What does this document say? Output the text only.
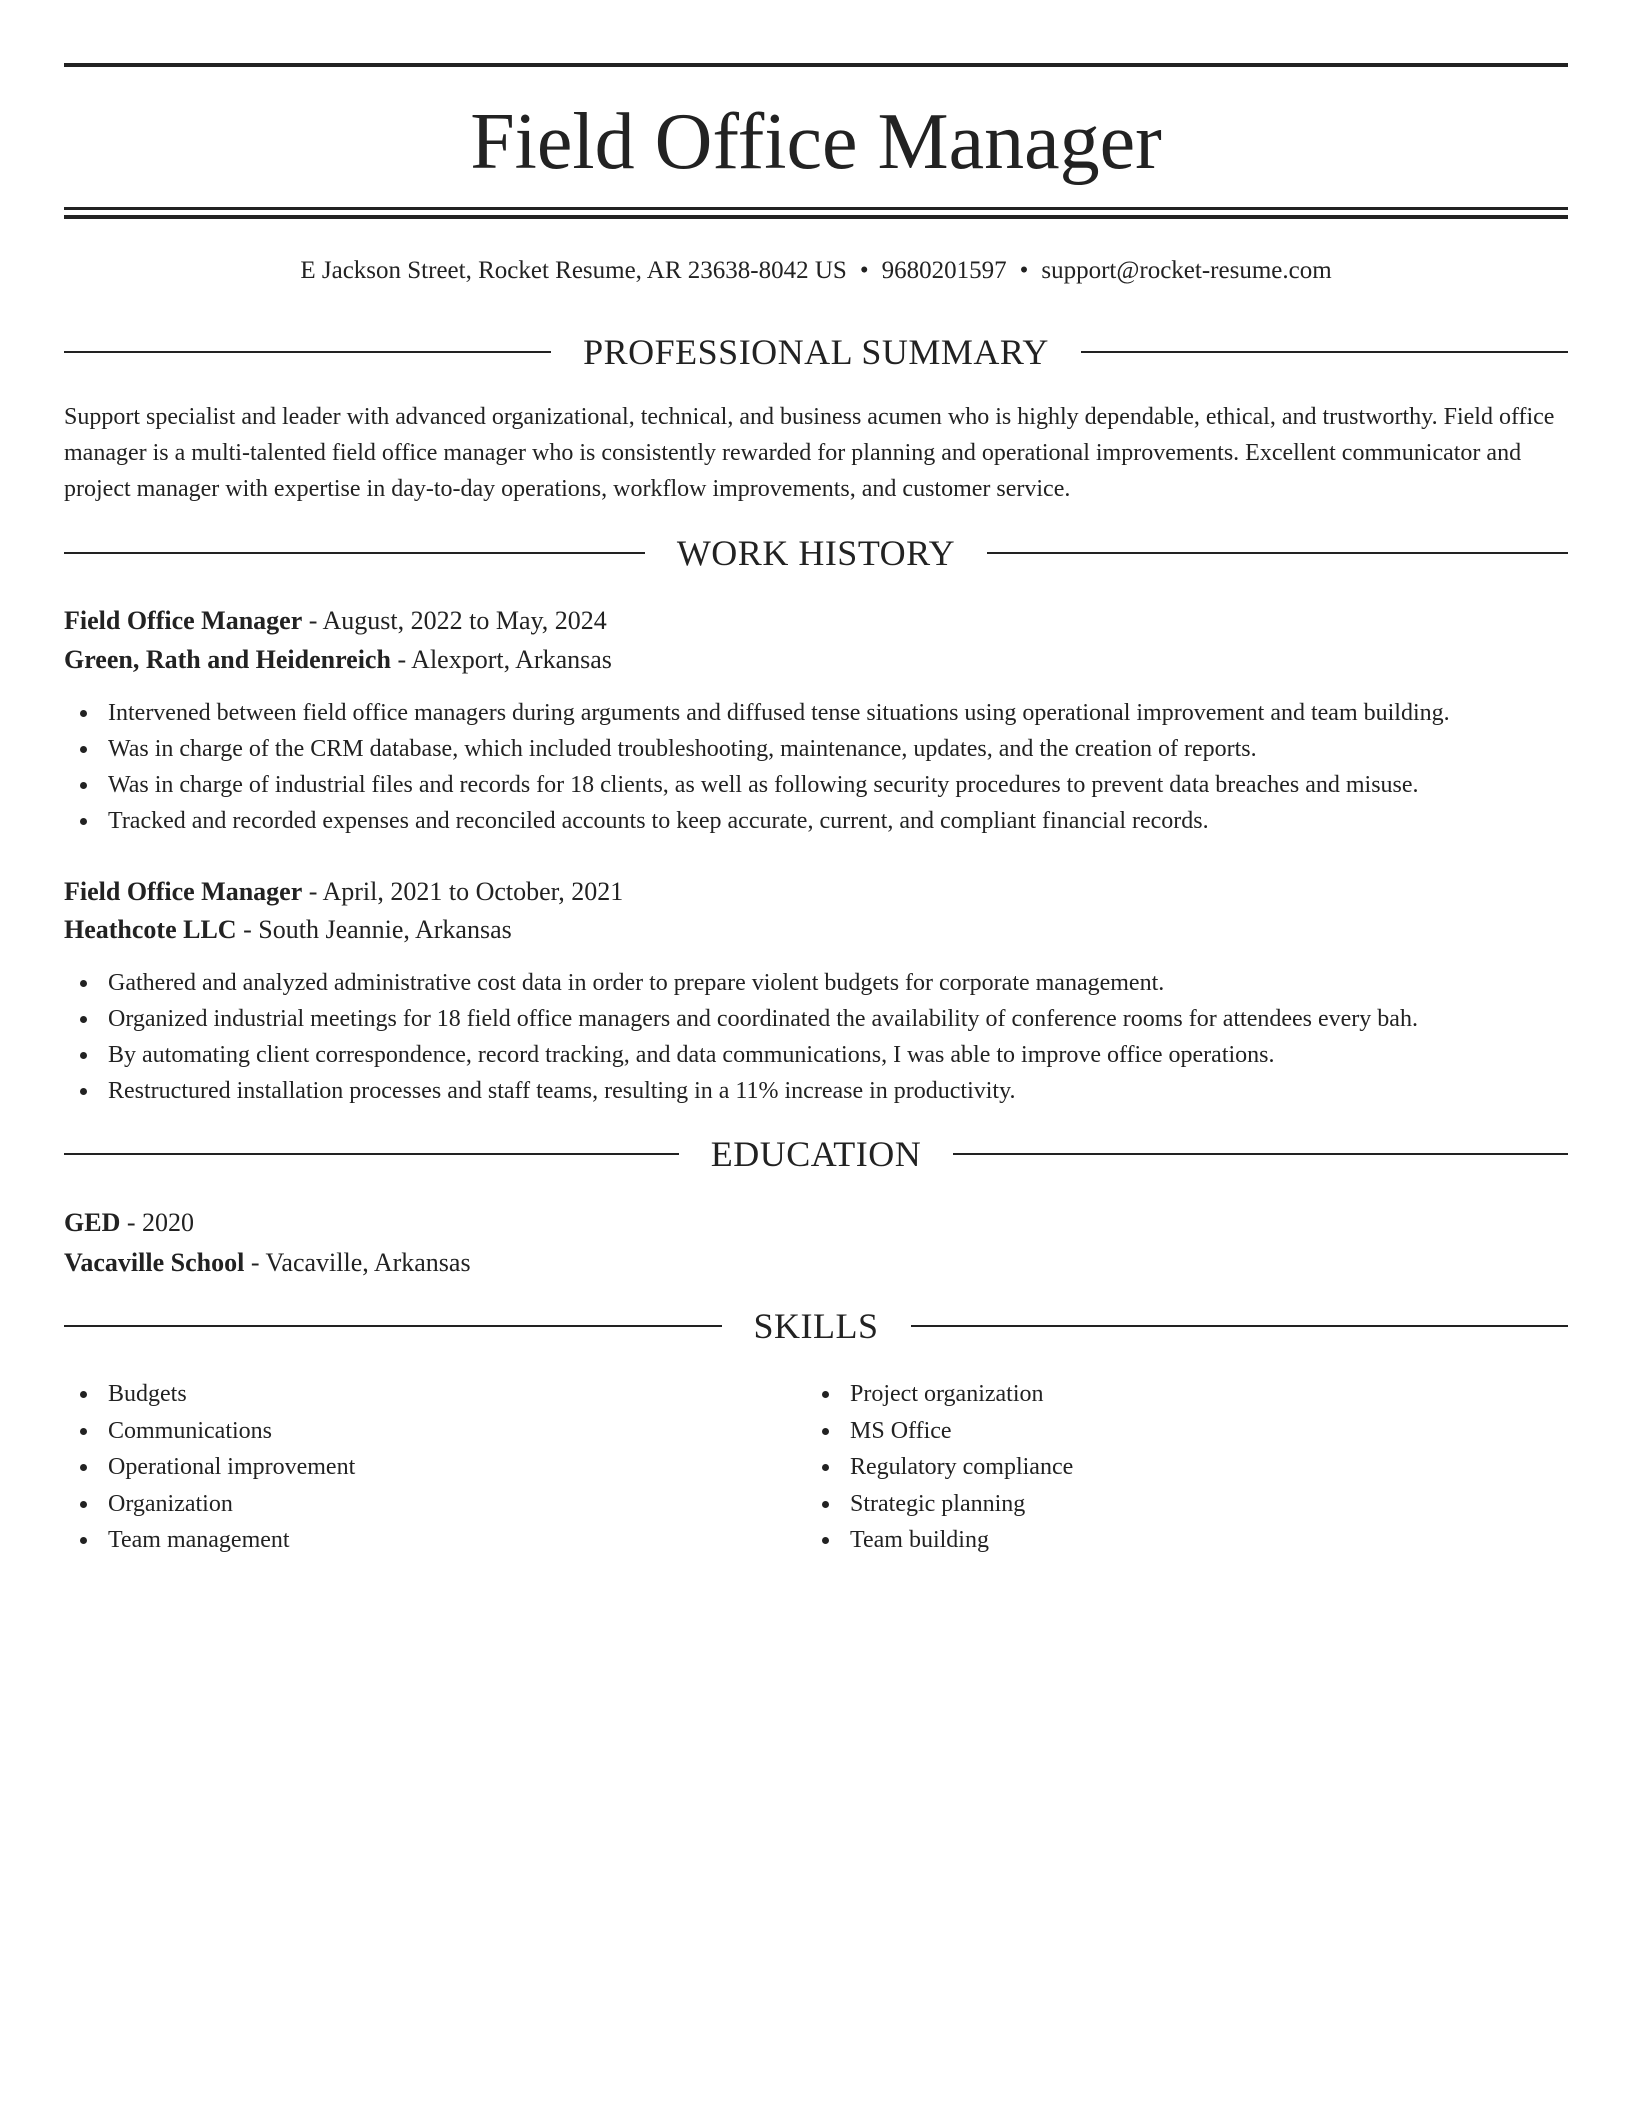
Field Office Manager
E Jackson Street, Rocket Resume, AR 23638-8042 US • 9680201597 • support@rocket-resume.com
PROFESSIONAL SUMMARY

Support specialist and leader with advanced organizational, technical, and business acumen who is highly dependable, ethical, and trustworthy. Field office manager is a multi-talented field office manager who is consistently rewarded for planning and operational improvements. Excellent communicator and project manager with expertise in day-to-day operations, workflow improvements, and customer service.

WORK HISTORY
Field Office Manager - August, 2022 to May, 2024
Green, Rath and Heidenreich - Alexport, Arkansas
Intervened between field office managers during arguments and diffused tense situations using operational improvement and team building.
Was in charge of the CRM database, which included troubleshooting, maintenance, updates, and the creation of reports.
Was in charge of industrial files and records for 18 clients, as well as following security procedures to prevent data breaches and misuse.
Tracked and recorded expenses and reconciled accounts to keep accurate, current, and compliant financial records.
Field Office Manager - April, 2021 to October, 2021
Heathcote LLC - South Jeannie, Arkansas
Gathered and analyzed administrative cost data in order to prepare violent budgets for corporate management.
Organized industrial meetings for 18 field office managers and coordinated the availability of conference rooms for attendees every bah.
By automating client correspondence, record tracking, and data communications, I was able to improve office operations.
Restructured installation processes and staff teams, resulting in a 11% increase in productivity.
EDUCATION
GED - 2020
Vacaville School - Vacaville, Arkansas
SKILLS
Budgets
Communications
Operational improvement
Organization
Team management
Project organization
MS Office
Regulatory compliance
Strategic planning
Team building
